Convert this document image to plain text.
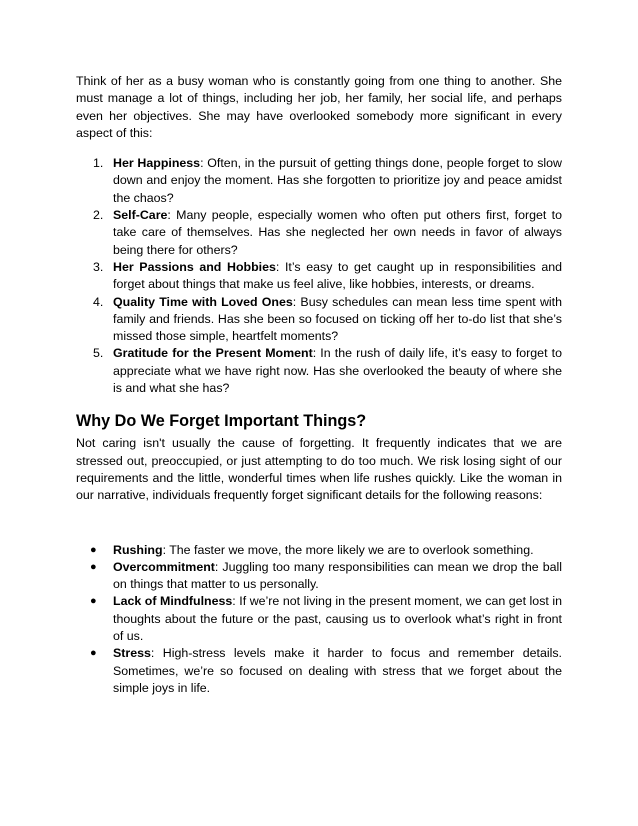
Think of her as a busy woman who is constantly going from one thing to another. She must manage a lot of things, including her job, her family, her social life, and perhaps even her objectives. She may have overlooked somebody more significant in every aspect of this:

1. Her Happiness: Often, in the pursuit of getting things done, people forget to slow down and enjoy the moment. Has she forgotten to prioritize joy and peace amidst the chaos?
2. Self-Care: Many people, especially women who often put others first, forget to take care of themselves. Has she neglected her own needs in favor of always being there for others?
3. Her Passions and Hobbies: It’s easy to get caught up in responsibilities and forget about things that make us feel alive, like hobbies, interests, or dreams.
4. Quality Time with Loved Ones: Busy schedules can mean less time spent with family and friends. Has she been so focused on ticking off her to-do list that she’s missed those simple, heartfelt moments?
5. Gratitude for the Present Moment: In the rush of daily life, it’s easy to forget to appreciate what we have right now. Has she overlooked the beauty of where she is and what she has?
Why Do We Forget Important Things?

Not caring isn't usually the cause of forgetting. It frequently indicates that we are stressed out, preoccupied, or just attempting to do too much. We risk losing sight of our requirements and the little, wonderful times when life rushes quickly. Like the woman in our narrative, individuals frequently forget significant details for the following reasons:

● Rushing: The faster we move, the more likely we are to overlook something.
● Overcommitment: Juggling too many responsibilities can mean we drop the ball on things that matter to us personally.
● Lack of Mindfulness: If we’re not living in the present moment, we can get lost in thoughts about the future or the past, causing us to overlook what’s right in front of us.
● Stress: High-stress levels make it harder to focus and remember details. Sometimes, we’re so focused on dealing with stress that we forget about the simple joys in life.
